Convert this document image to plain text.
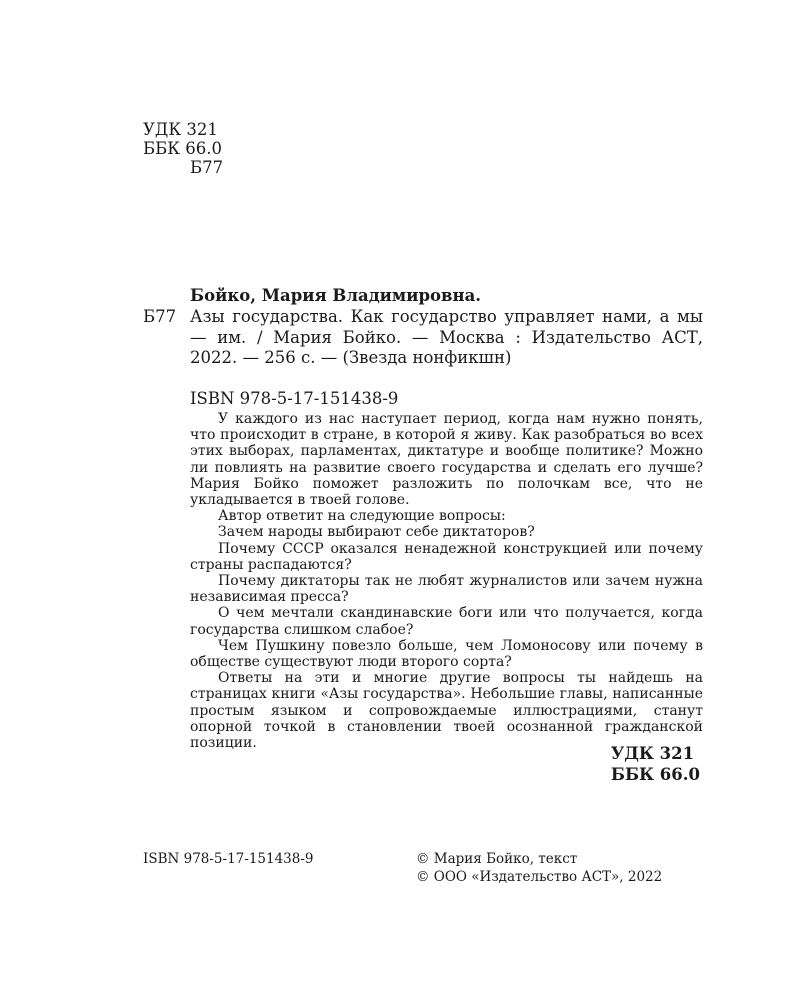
УДК 321
ББК 66.0
Б77
Бойко, Мария Владимировна.
Б77 Азы государства. Как государство управляет нами, а мы — им. / Мария Бойко. — Москва : Издательство АСТ, 2022. — 256 с. — (Звезда нонфикшн)
ISBN 978-5-17-151438-9

У каждого из нас наступает период, когда нам нужно понять, что происходит в стране, в которой я живу. Как разобраться во всех этих выборах, парламентах, диктатуре и вообще политике? Можно ли повлиять на развитие своего государства и сделать его лучше? Мария Бойко поможет разложить по полочкам все, что не укладывается в твоей голове.

Автор ответит на следующие вопросы:

Зачем народы выбирают себе диктаторов?

Почему СССР оказался ненадежной конструкцией или почему страны распадаются?

Почему диктаторы так не любят журналистов или зачем нужна независимая пресса?

О чем мечтали скандинавские боги или что получается, когда государства слишком слабое?

Чем Пушкину повезло больше, чем Ломоносову или почему в обществе существуют люди второго сорта?

Ответы на эти и многие другие вопросы ты найдешь на страницах книги «Азы государства». Небольшие главы, написанные простым языком и сопровождаемые иллюстрациями, станут опорной точкой в становлении твоей осознанной гражданской позиции.

УДК 321
ББК 66.0
ISBN 978-5-17-151438-9	© Мария Бойко, текст
© ООО «Издательство АСТ», 2022
